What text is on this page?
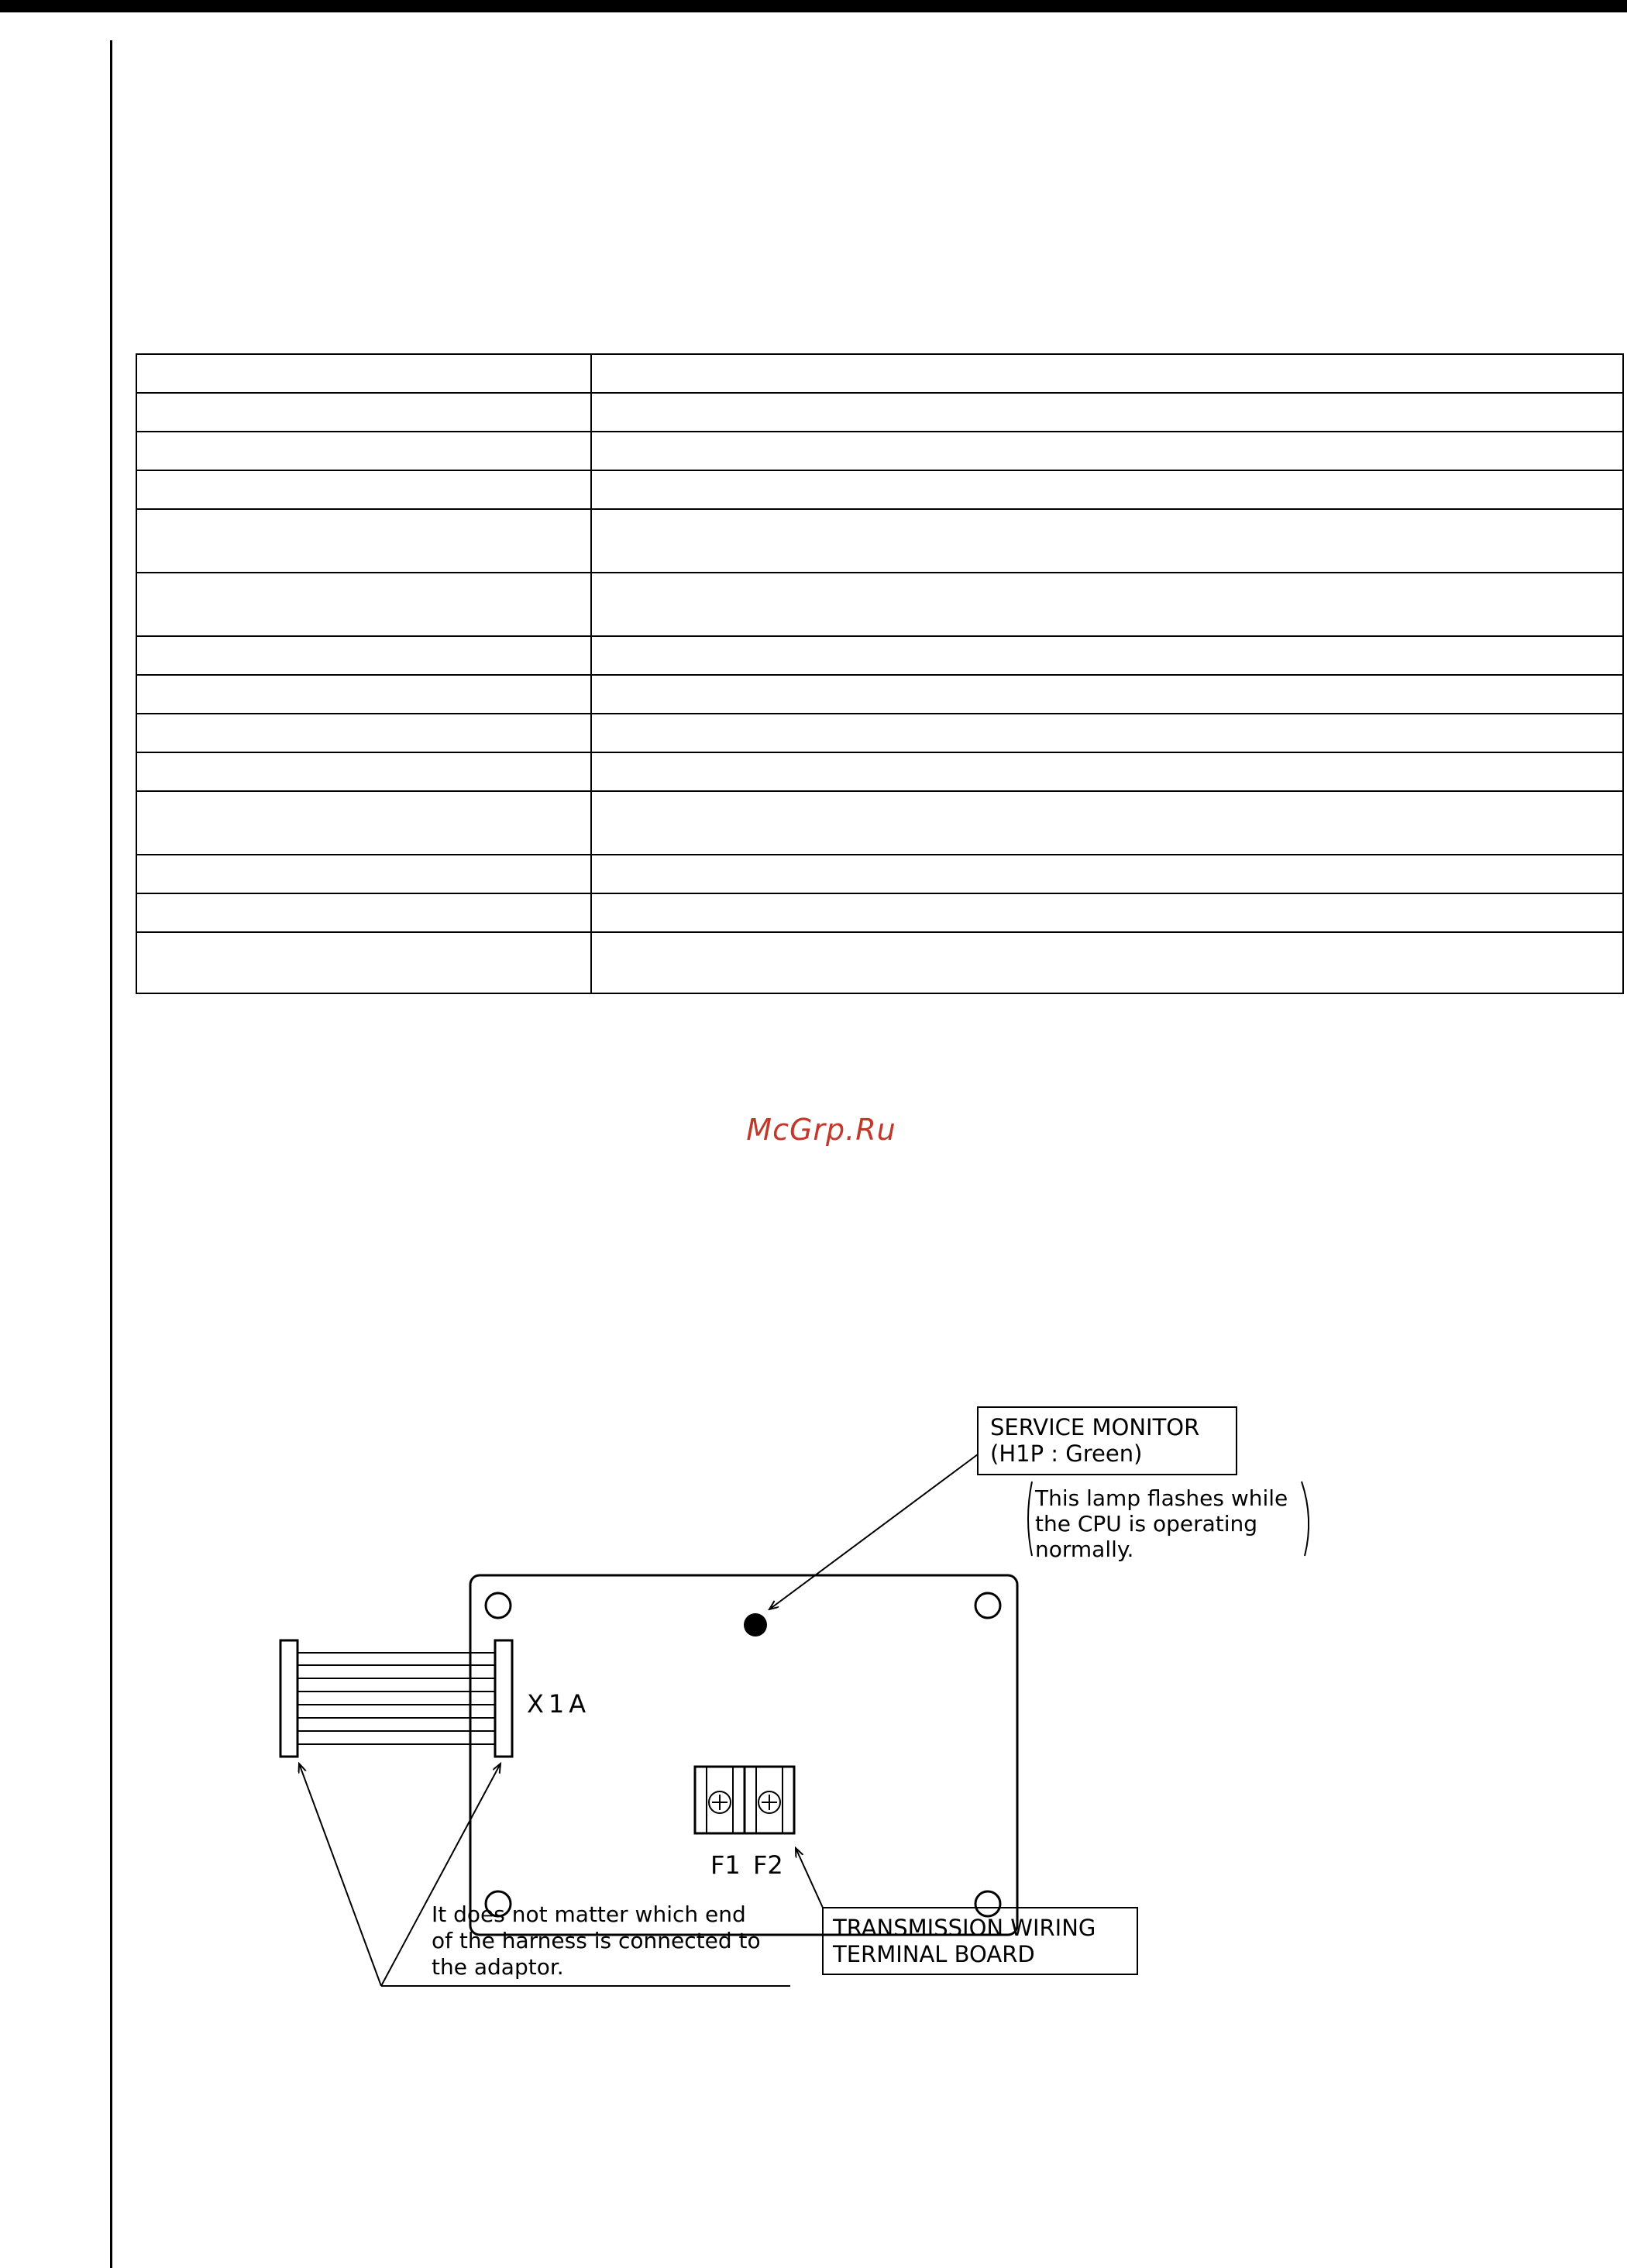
McGrp.Ru
SERVICE MONITOR
(H1P : Green)
This lamp flashes while
the CPU is operating
normally.
X1A
F1 F2
TRANSMISSION WIRING
TERMINAL BOARD
It does not matter which end
of the harness is connected to
the adaptor.
